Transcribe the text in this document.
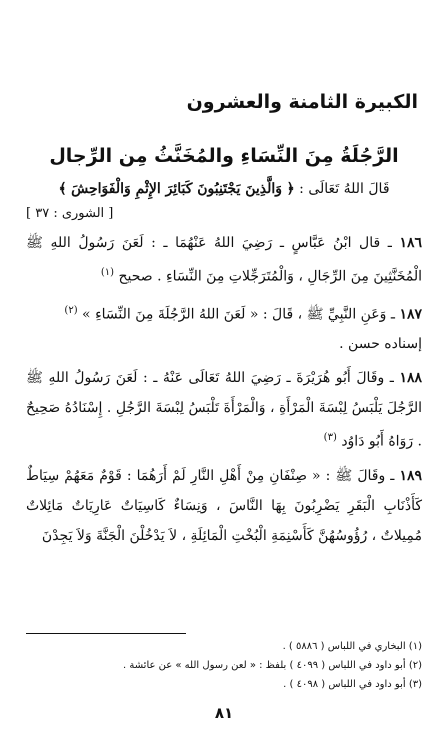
الكبيرة الثامنة والعشرون
الرَّجُلَةُ مِنَ النِّسَاءِ والمُخَنَّثُ مِن الرِّجال
قَالَ اللهُ تَعَالَى : ﴿ وَالَّذِينَ يَجْتَنِبُونَ كَبَائِرَ الإِثْمِ وَالْفَوَاحِشَ ﴾
[ الشورى : ٣٧ ]
١٨٦ ـ قال ابْنُ عَبَّاسٍ ـ رَضِيَ اللهُ عَنْهُمَا ـ : لَعَنَ رَسُولُ اللهِ ﷺ الْمُخَنَّثِينَ مِنَ الرِّجَالِ ، وَالْمُتَرَجِّلاتِ مِنَ النِّسَاءِ . صحيح $^{(١)}$
١٨٧ ـ وَعَنِ النَّبِيِّ ﷺ ، قَالَ : « لَعَنَ اللهُ الرَّجُلَةَ مِنَ النِّسَاءِ » $^{(٢)}$
إسناده حسن .
١٨٨ ـ وقَالَ أَبُو هُرَيْرَةَ ـ رَضِيَ اللهُ تَعَالَى عَنْهُ ـ : لَعَنَ رَسُولُ اللهِ ﷺ الرَّجُلَ يَلْبَسُ لِبْسَةَ الْمَرْأَةِ ، وَالْمَرْأَةَ تَلْبَسُ لِبْسَةَ الرَّجُلِ . إِسْنَادُهُ صَحِيحٌ . رَوَاهُ أَبُو دَاوُد $^{(٣)}$
١٨٩ ـ وقَالَ ﷺ : « صِنْفَانِ مِنْ أَهْلِ النَّارِ لَمْ أَرَهُمَا : قَوْمٌ مَعَهُمْ سِيَاطٌ كَأَذْنَابِ الْبَقَرِ يَضْرِبُونَ بِهَا النَّاسَ ، وَنِسَاءٌ كَاسِيَاتٌ عَارِيَاتٌ مَائِلاتٌ مُمِيلاتٌ ، رُؤُوسُهُنَّ كَأَسْنِمَةِ الْبُخْتِ الْمَائِلَةِ ، لاَ يَدْخُلْنَ الْجَنَّةَ وَلاَ يَجِدْنَ
(١) البخاري في اللباس ( ٥٨٨٦ ) .
(٢) أبو داود في اللباس ( ٤٠٩٩ ) بلفظ : « لعن رسول الله » عن عائشة .
(٣) أبو داود في اللباس ( ٤٠٩٨ ) .
٨١
